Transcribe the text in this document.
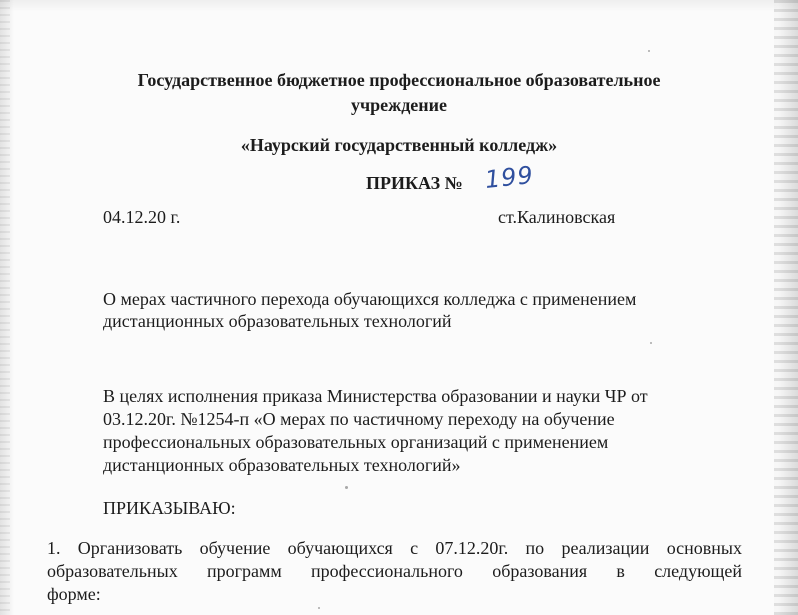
Государственное бюджетное профессиональное образовательное
учреждение
«Наурский государственный колледж»
ПРИКАЗ № 199
04.12.20 г.	ст.Калиновская
О мерах частичного перехода обучающихся колледжа с применением
дистанционных образовательных технологий
В целях исполнения приказа Министерства образовании и науки ЧР от
03.12.20г. №1254-п «О мерах по частичному переходу на обучение
профессиональных образовательных организаций с применением
дистанционных образовательных технологий»
ПРИКАЗЫВАЮ:
1. Организовать обучение обучающихся с 07.12.20г. по реализации основных
образовательных программ профессионального образования в следующей
форме:
